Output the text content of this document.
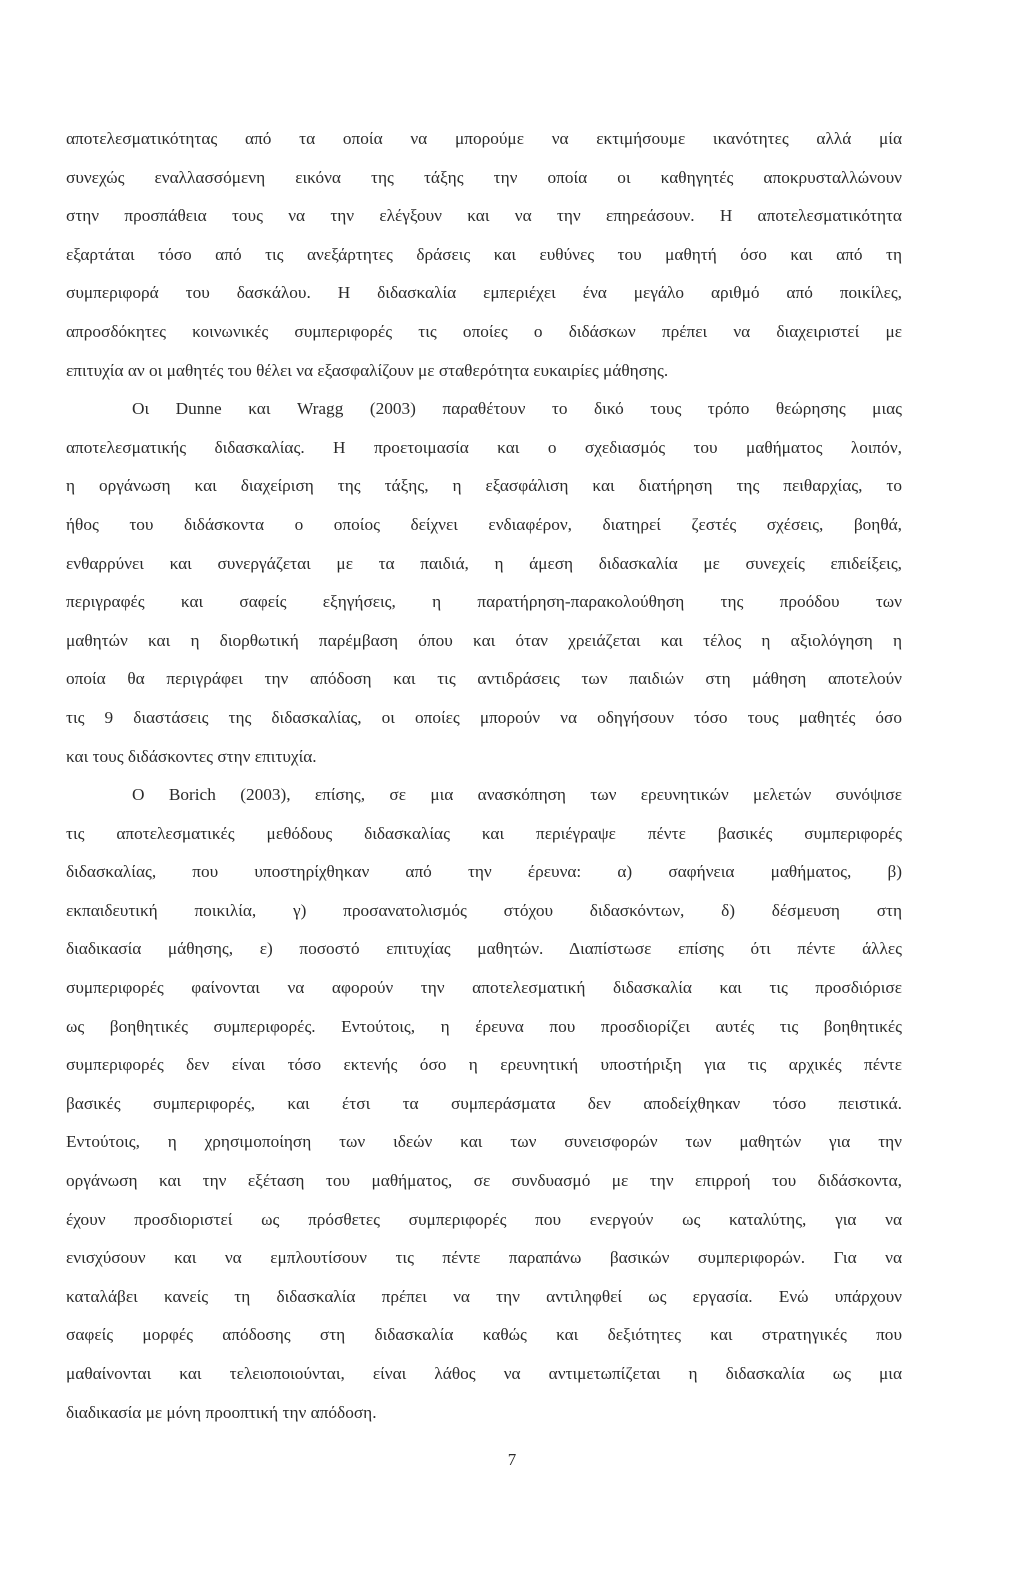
αποτελεσματικότητας από τα οποία να μπορούμε να εκτιμήσουμε ικανότητες αλλά μία
συνεχώς εναλλασσόμενη εικόνα της τάξης την οποία οι καθηγητές αποκρυσταλλώνουν
στην προσπάθεια τους να την ελέγξουν και να την επηρεάσουν. Η αποτελεσματικότητα
εξαρτάται τόσο από τις ανεξάρτητες δράσεις και ευθύνες του μαθητή όσο και από τη
συμπεριφορά του δασκάλου. Η διδασκαλία εμπεριέχει ένα μεγάλο αριθμό από ποικίλες,
απροσδόκητες κοινωνικές συμπεριφορές τις οποίες ο διδάσκων πρέπει να διαχειριστεί με
επιτυχία αν οι μαθητές του θέλει να εξασφαλίζουν με σταθερότητα ευκαιρίες μάθησης.
Οι Dunne και Wragg (2003) παραθέτουν το δικό τους τρόπο θεώρησης μιας
αποτελεσματικής διδασκαλίας. Η προετοιμασία και ο σχεδιασμός του μαθήματος λοιπόν,
η οργάνωση και διαχείριση της τάξης, η εξασφάλιση και διατήρηση της πειθαρχίας, το
ήθος του διδάσκοντα ο οποίος δείχνει ενδιαφέρον, διατηρεί ζεστές σχέσεις, βοηθά,
ενθαρρύνει και συνεργάζεται με τα παιδιά, η άμεση διδασκαλία με συνεχείς επιδείξεις,
περιγραφές και σαφείς εξηγήσεις, η παρατήρηση-παρακολούθηση της προόδου των
μαθητών και η διορθωτική παρέμβαση όπου και όταν χρειάζεται και τέλος η αξιολόγηση η
οποία θα περιγράφει την απόδοση και τις αντιδράσεις των παιδιών στη μάθηση αποτελούν
τις 9 διαστάσεις της διδασκαλίας, οι οποίες μπορούν να οδηγήσουν τόσο τους μαθητές όσο
και τους διδάσκοντες στην επιτυχία.
Ο Borich (2003), επίσης, σε μια ανασκόπηση των ερευνητικών μελετών συνόψισε
τις αποτελεσματικές μεθόδους διδασκαλίας και περιέγραψε πέντε βασικές συμπεριφορές
διδασκαλίας, που υποστηρίχθηκαν από την έρευνα: α) σαφήνεια μαθήματος, β)
εκπαιδευτική ποικιλία, γ) προσανατολισμός στόχου διδασκόντων, δ) δέσμευση στη
διαδικασία μάθησης, ε) ποσοστό επιτυχίας μαθητών. Διαπίστωσε επίσης ότι πέντε άλλες
συμπεριφορές φαίνονται να αφορούν την αποτελεσματική διδασκαλία και τις προσδιόρισε
ως βοηθητικές συμπεριφορές. Εντούτοις, η έρευνα που προσδιορίζει αυτές τις βοηθητικές
συμπεριφορές δεν είναι τόσο εκτενής όσο η ερευνητική υποστήριξη για τις αρχικές πέντε
βασικές συμπεριφορές, και έτσι τα συμπεράσματα δεν αποδείχθηκαν τόσο πειστικά.
Εντούτοις, η χρησιμοποίηση των ιδεών και των συνεισφορών των μαθητών για την
οργάνωση και την εξέταση του μαθήματος, σε συνδυασμό με την επιρροή του διδάσκοντα,
έχουν προσδιοριστεί ως πρόσθετες συμπεριφορές που ενεργούν ως καταλύτης, για να
ενισχύσουν και να εμπλουτίσουν τις πέντε παραπάνω βασικών συμπεριφορών. Για να
καταλάβει κανείς τη διδασκαλία πρέπει να την αντιληφθεί ως εργασία. Ενώ υπάρχουν
σαφείς μορφές απόδοσης στη διδασκαλία καθώς και δεξιότητες και στρατηγικές που
μαθαίνονται και τελειοποιούνται, είναι λάθος να αντιμετωπίζεται η διδασκαλία ως μια
διαδικασία με μόνη προοπτική την απόδοση.
7
